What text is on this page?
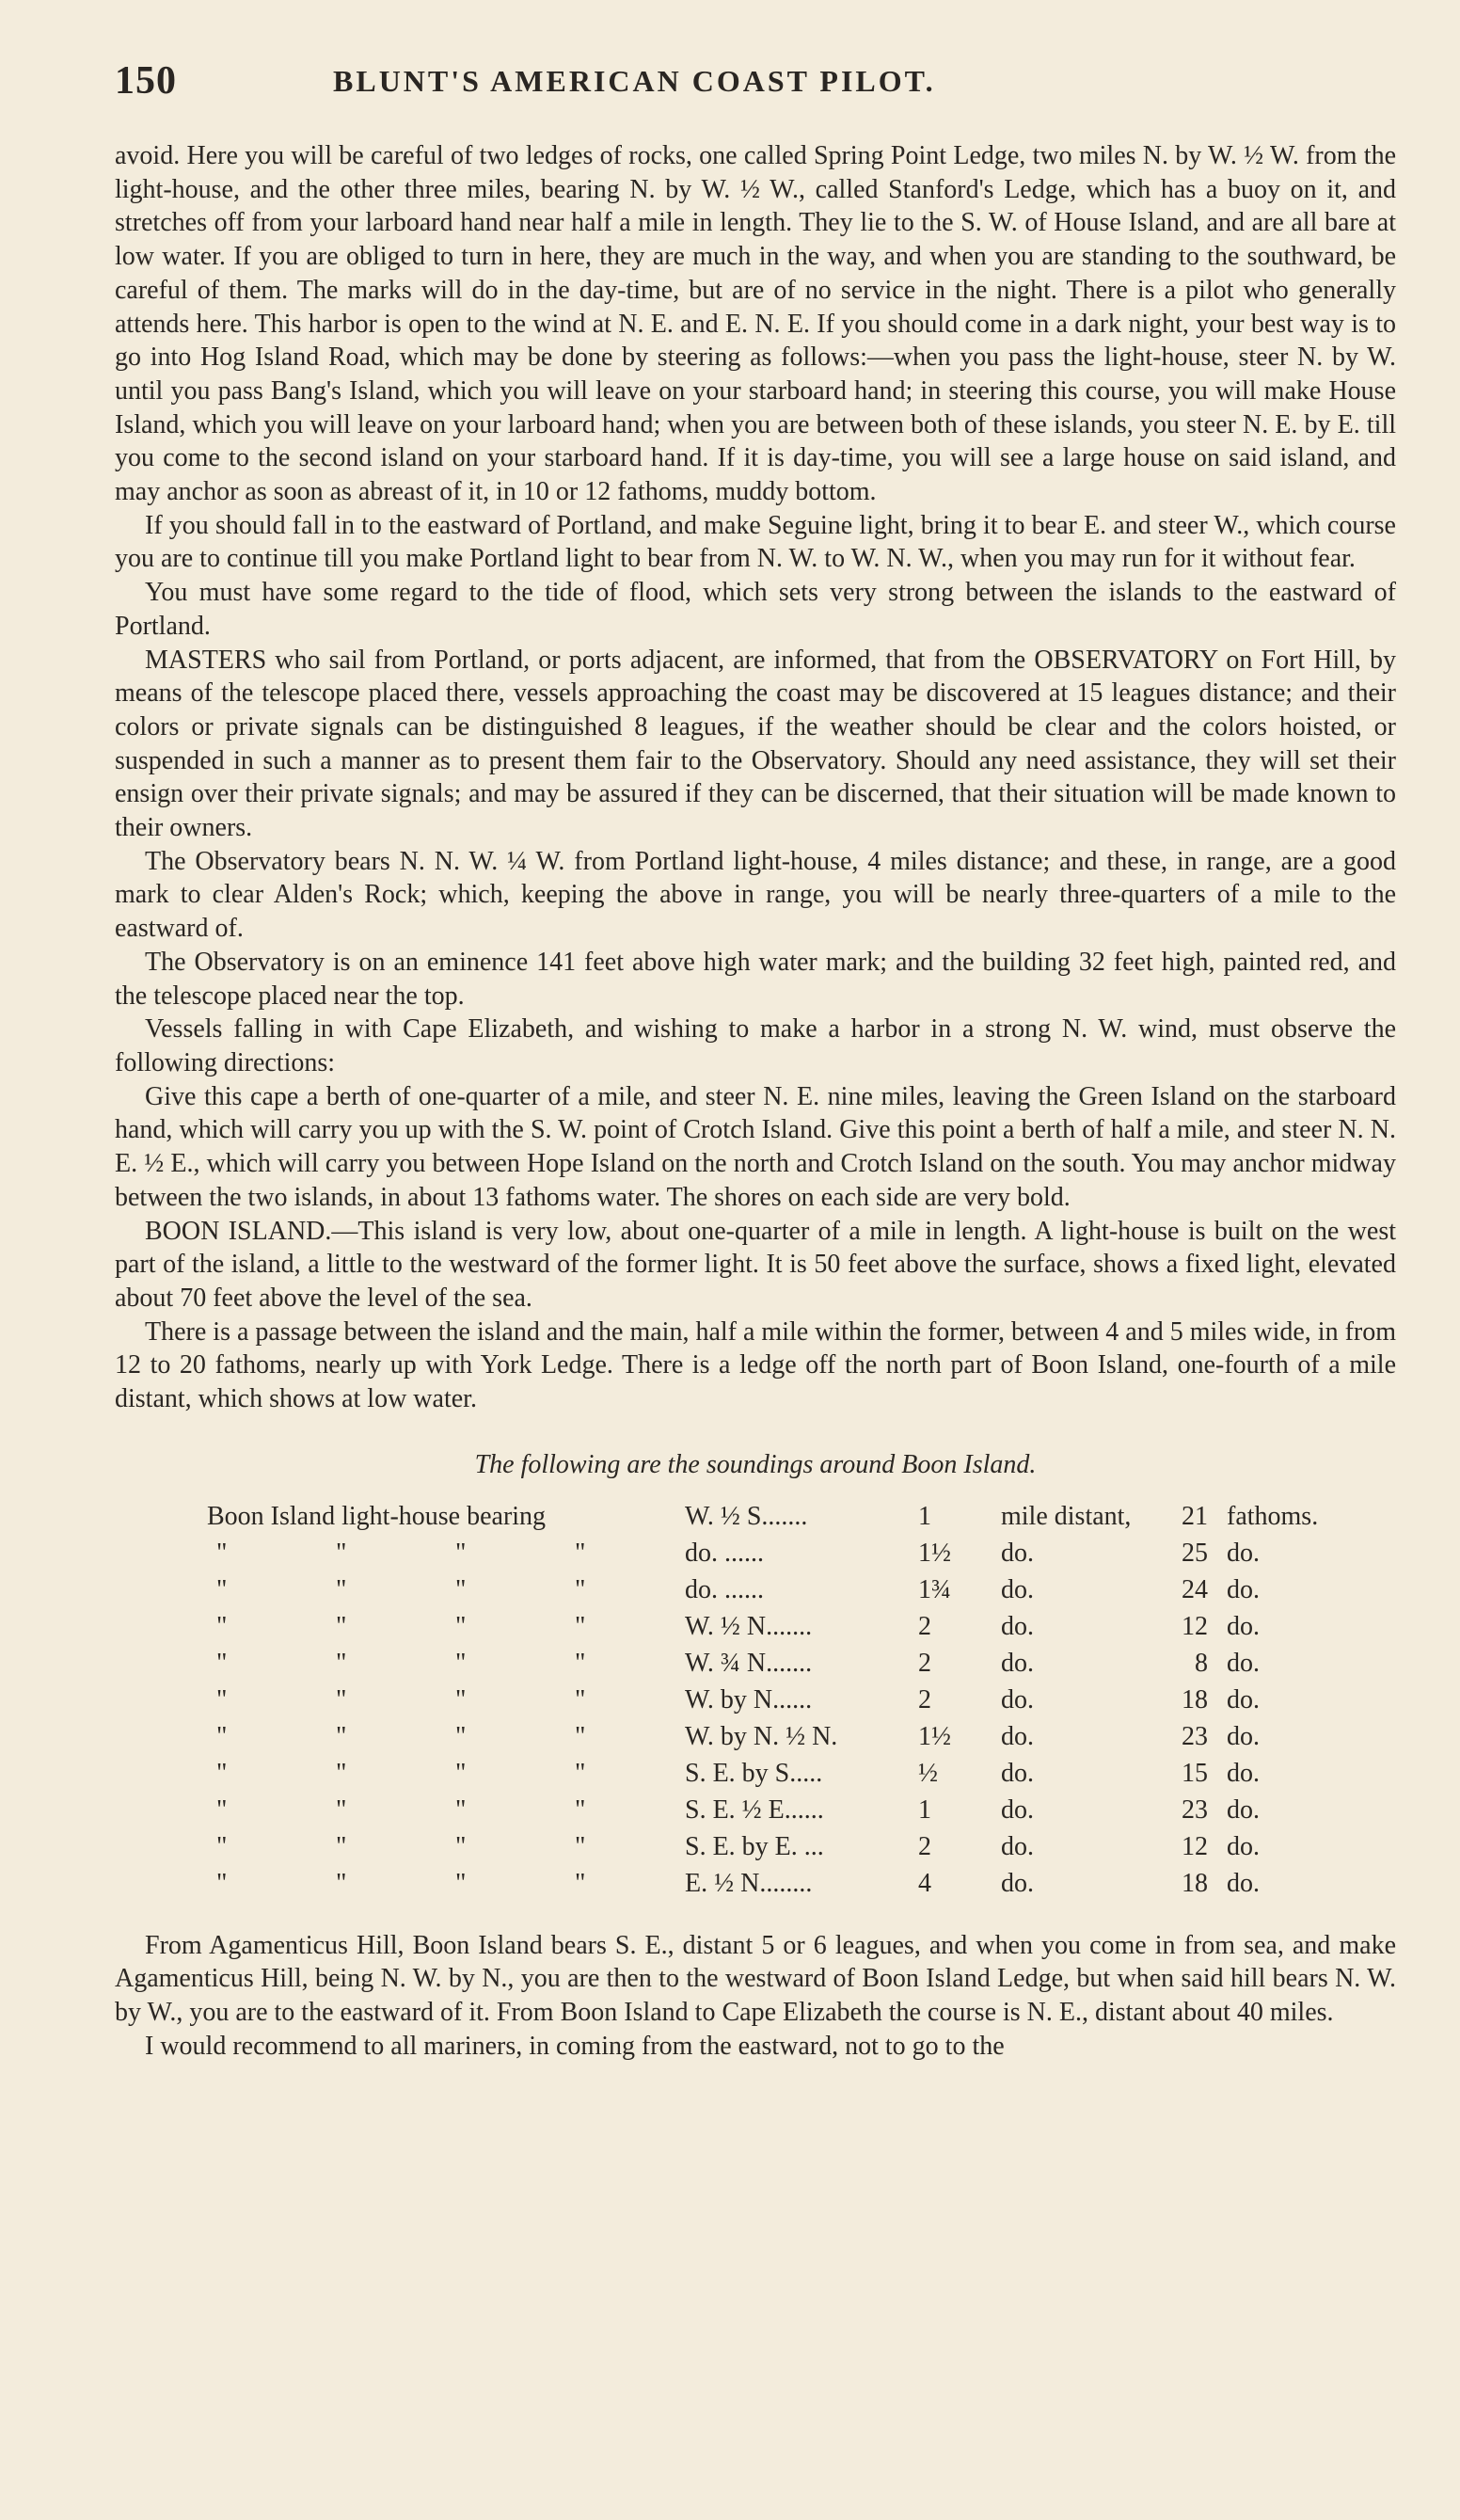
150	BLUNT'S AMERICAN COAST PILOT.

avoid. Here you will be careful of two ledges of rocks, one called Spring Point Ledge, two miles N. by W. ½ W. from the light-house, and the other three miles, bearing N. by W. ½ W., called Stanford's Ledge, which has a buoy on it, and stretches off from your larboard hand near half a mile in length. They lie to the S. W. of House Island, and are all bare at low water. If you are obliged to turn in here, they are much in the way, and when you are standing to the southward, be careful of them. The marks will do in the day-time, but are of no service in the night. There is a pilot who generally attends here. This harbor is open to the wind at N. E. and E. N. E. If you should come in a dark night, your best way is to go into Hog Island Road, which may be done by steering as follows:—when you pass the light-house, steer N. by W. until you pass Bang's Island, which you will leave on your starboard hand; in steering this course, you will make House Island, which you will leave on your larboard hand; when you are between both of these islands, you steer N. E. by E. till you come to the second island on your starboard hand. If it is day-time, you will see a large house on said island, and may anchor as soon as abreast of it, in 10 or 12 fathoms, muddy bottom.

If you should fall in to the eastward of Portland, and make Seguine light, bring it to bear E. and steer W., which course you are to continue till you make Portland light to bear from N. W. to W. N. W., when you may run for it without fear.

You must have some regard to the tide of flood, which sets very strong between the islands to the eastward of Portland.

MASTERS who sail from Portland, or ports adjacent, are informed, that from the OBSERVATORY on Fort Hill, by means of the telescope placed there, vessels approaching the coast may be discovered at 15 leagues distance; and their colors or private signals can be distinguished 8 leagues, if the weather should be clear and the colors hoisted, or suspended in such a manner as to present them fair to the Observatory. Should any need assistance, they will set their ensign over their private signals; and may be assured if they can be discerned, that their situation will be made known to their owners.

The Observatory bears N. N. W. ¼ W. from Portland light-house, 4 miles distance; and these, in range, are a good mark to clear Alden's Rock; which, keeping the above in range, you will be nearly three-quarters of a mile to the eastward of.

The Observatory is on an eminence 141 feet above high water mark; and the building 32 feet high, painted red, and the telescope placed near the top.

Vessels falling in with Cape Elizabeth, and wishing to make a harbor in a strong N. W. wind, must observe the following directions:

Give this cape a berth of one-quarter of a mile, and steer N. E. nine miles, leaving the Green Island on the starboard hand, which will carry you up with the S. W. point of Crotch Island. Give this point a berth of half a mile, and steer N. N. E. ½ E., which will carry you between Hope Island on the north and Crotch Island on the south. You may anchor midway between the two islands, in about 13 fathoms water. The shores on each side are very bold.

BOON ISLAND.—This island is very low, about one-quarter of a mile in length. A light-house is built on the west part of the island, a little to the westward of the former light. It is 50 feet above the surface, shows a fixed light, elevated about 70 feet above the level of the sea.

There is a passage between the island and the main, half a mile within the former, between 4 and 5 miles wide, in from 12 to 20 fathoms, nearly up with York Ledge. There is a ledge off the north part of Boon Island, one-fourth of a mile distant, which shows at low water.

The following are the soundings around Boon Island.
Boon Island light-house bearing	W. ½ S.......	1	mile distant,	21	fathoms.

" " " "	do. ......	1½	do.	25	do.

" " " "	do. ......	1¾	do.	24	do.

" " " "	W. ½ N.......	2	do.	12	do.

" " " "	W. ¾ N.......	2	do.	8	do.

" " " "	W. by N......	2	do.	18	do.

" " " "	W. by N. ½ N.	1½	do.	23	do.

" " " "	S. E. by S.....	½	do.	15	do.

" " " "	S. E. ½ E......	1	do.	23	do.

" " " "	S. E. by E. ...	2	do.	12	do.

" " " "	E. ½ N........	4	do.	18	do.

From Agamenticus Hill, Boon Island bears S. E., distant 5 or 6 leagues, and when you come in from sea, and make Agamenticus Hill, being N. W. by N., you are then to the westward of Boon Island Ledge, but when said hill bears N. W. by W., you are to the eastward of it. From Boon Island to Cape Elizabeth the course is N. E., distant about 40 miles.

I would recommend to all mariners, in coming from the eastward, not to go to the
